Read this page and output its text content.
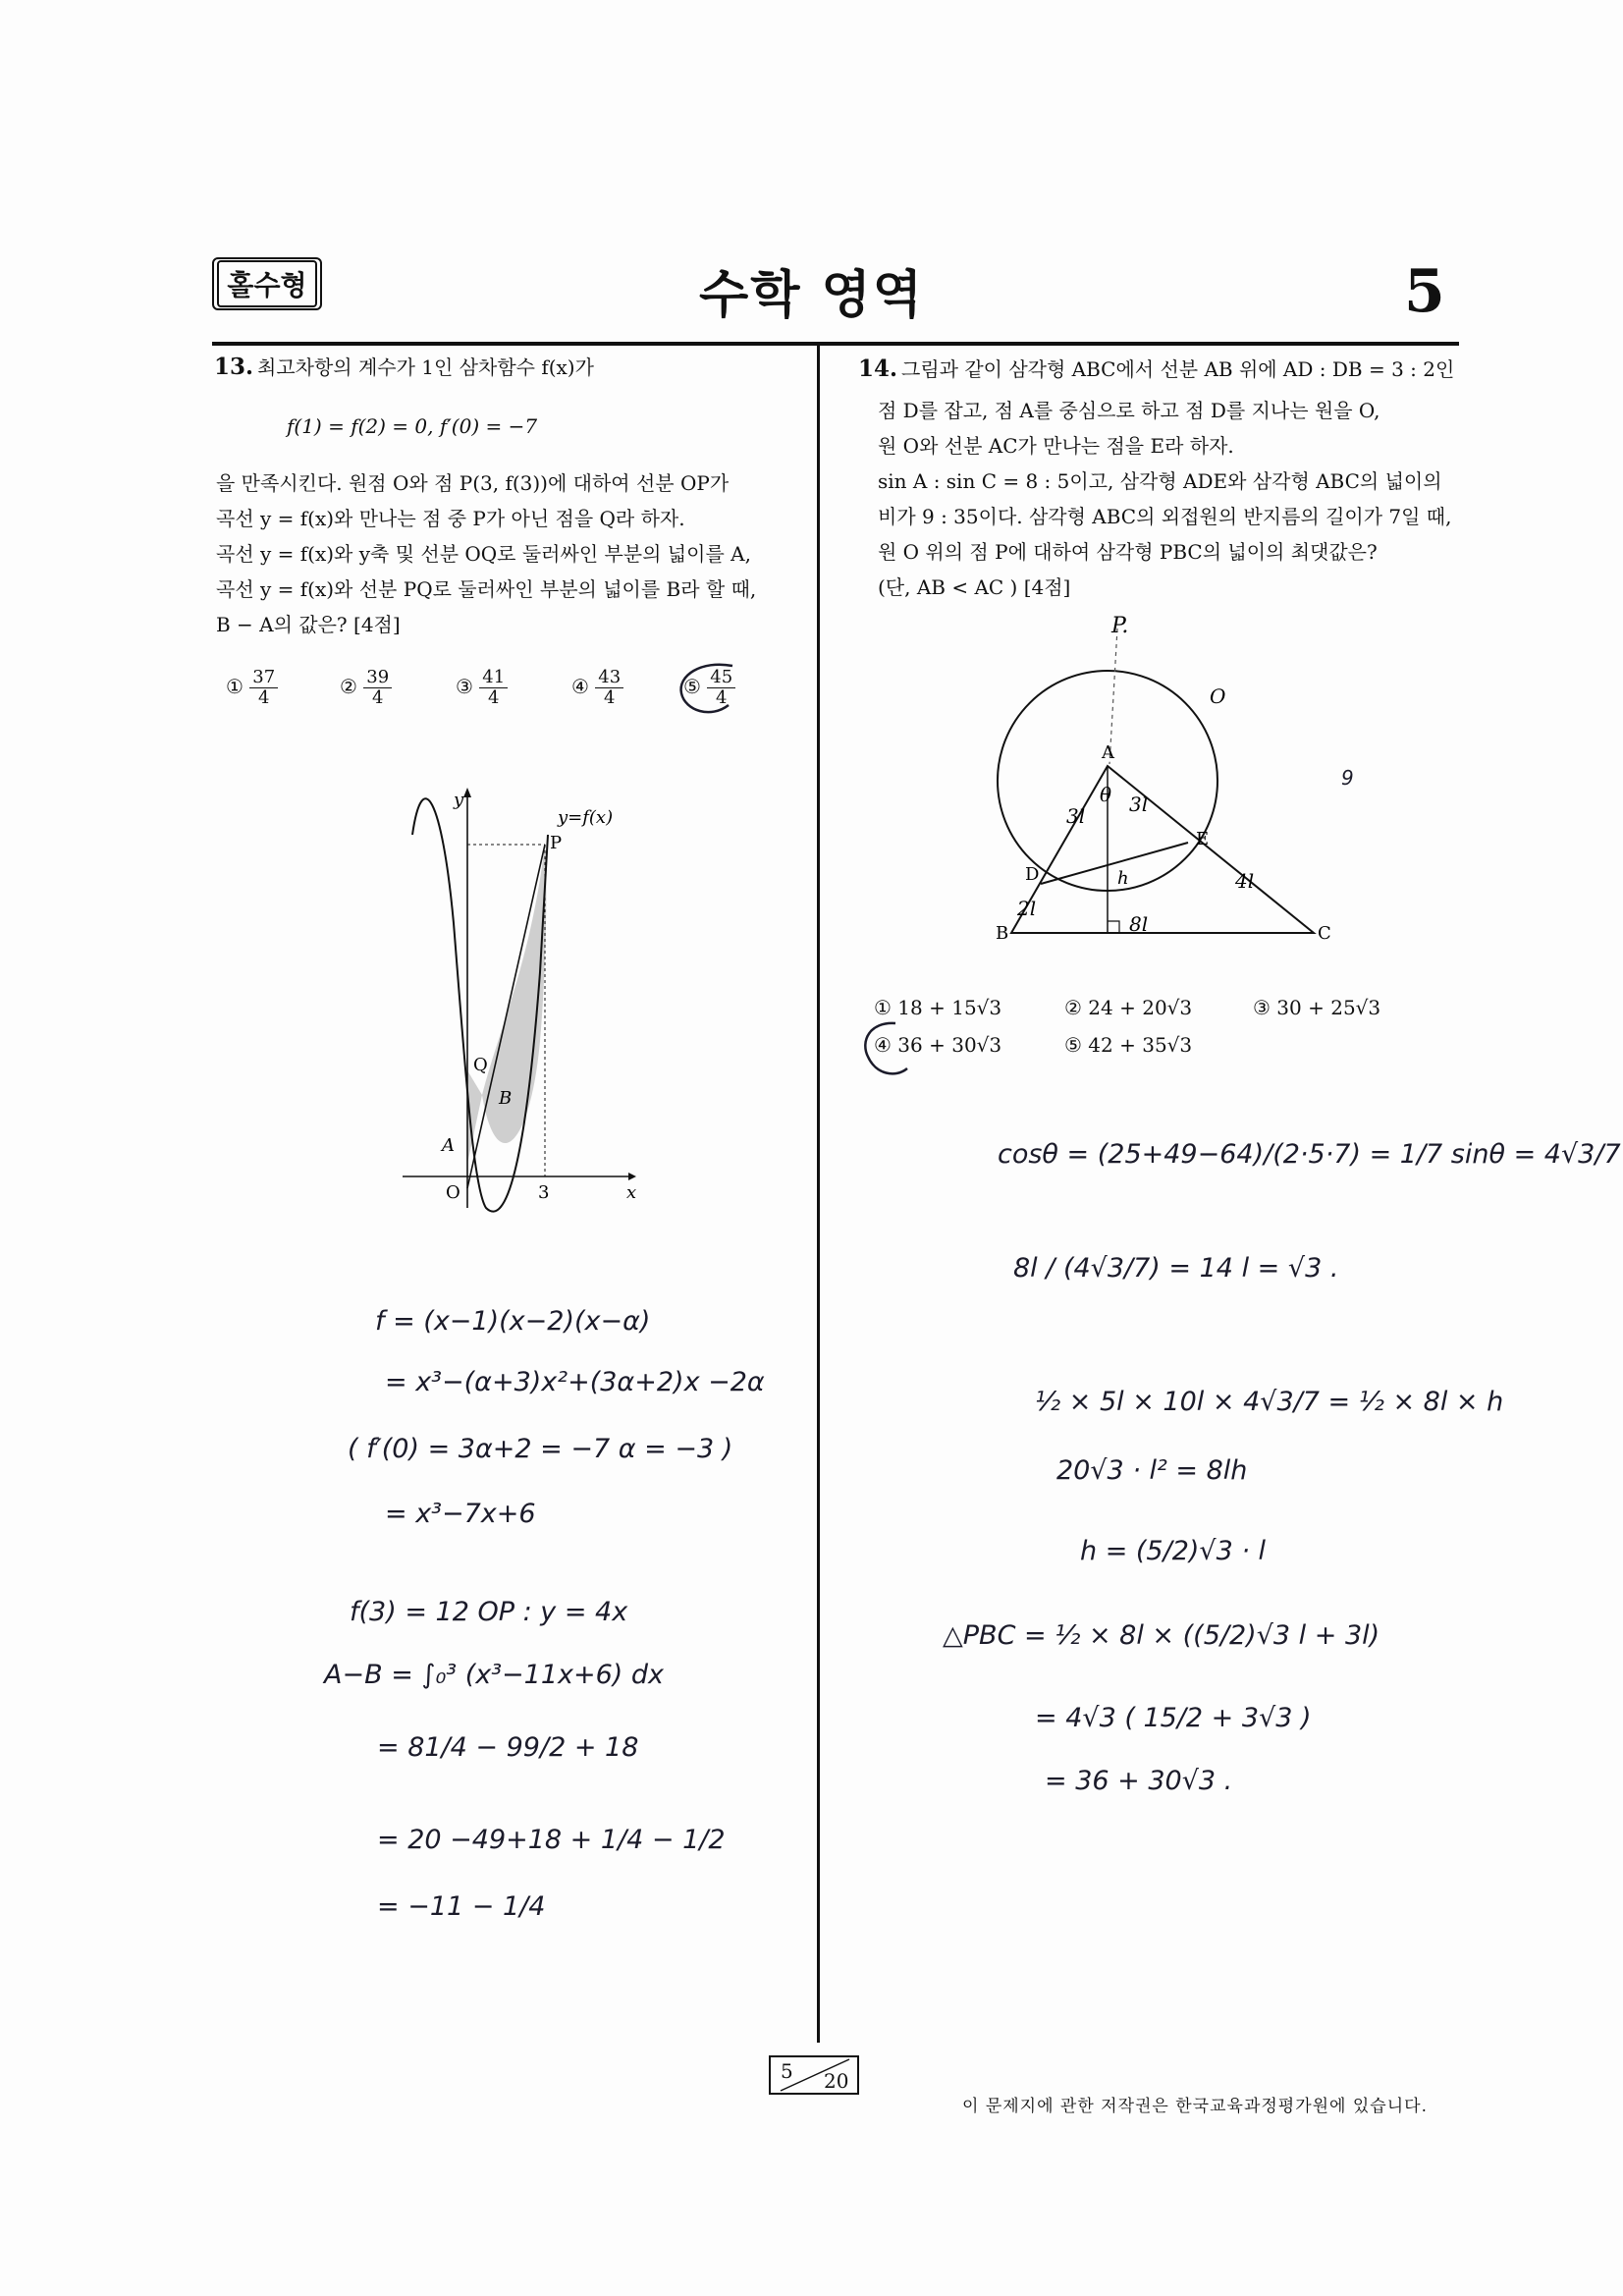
홀수형	수학 영역	5
13. 최고차항의 계수가 1인 삼차함수 f(x)가
f(1) = f(2) = 0, f′(0) = −7
을 만족시킨다. 원점 O와 점 P(3, f(3))에 대하여 선분 OP가
곡선 y = f(x)와 만나는 점 중 P가 아닌 점을 Q라 하자.
곡선 y = f(x)와 y축 및 선분 OQ로 둘러싸인 부분의 넓이를 A,
곡선 y = f(x)와 선분 PQ로 둘러싸인 부분의 넓이를 B라 할 때,
B − A의 값은? [4점]
① $\frac{37}{4}$	② $\frac{39}{4}$	③ $\frac{41}{4}$	④ $\frac{43}{4}$	⑤ $\frac{45}{4}$
y
x
y=f(x)
P
Q
A
B
O	3
f = (x−1)(x−2)(x−α)
= x³−(α+3)x²+(3α+2)x −2α
( f′(0) = 3α+2 = −7 α = −3 )
= x³−7x+6
f(3) = 12 OP : y = 4x
A−B = ∫₀³ (x³−11x+6) dx
= 81/4 − 99/2 + 18
= 20 −49+18 + 1/4 − 1/2
= −11 − 1/4
14. 그림과 같이 삼각형 ABC에서 선분 AB 위에 AD : DB = 3 : 2인
점 D를 잡고, 점 A를 중심으로 하고 점 D를 지나는 원을 O,
원 O와 선분 AC가 만나는 점을 E라 하자.
sin A : sin C = 8 : 5이고, 삼각형 ADE와 삼각형 ABC의 넓이의
비가 9 : 35이다. 삼각형 ABC의 외접원의 반지름의 길이가 7일 때,
원 O 위의 점 P에 대하여 삼각형 PBC의 넓이의 최댓값은?
(단, AB < AC ) [4점]
P.
O
A
B	C
D
E
θ
3l 3l
2l
4l
8l
h
9
① 18 + 15√3	② 24 + 20√3	③ 30 + 25√3
④ 36 + 30√3	⑤ 42 + 35√3
cosθ = (25+49−64)/(2·5·7) = 1/7 sinθ = 4√3/7
8l / (4√3/7) = 14 l = √3 .
½ × 5l × 10l × 4√3/7 = ½ × 8l × h
20√3 · l² = 8lh
h = (5/2)√3 · l
△PBC = ½ × 8l × ((5/2)√3 l + 3l)
= 4√3 ( 15/2 + 3√3 )
= 36 + 30√3 .
5 20
이 문제지에 관한 저작권은 한국교육과정평가원에 있습니다.
